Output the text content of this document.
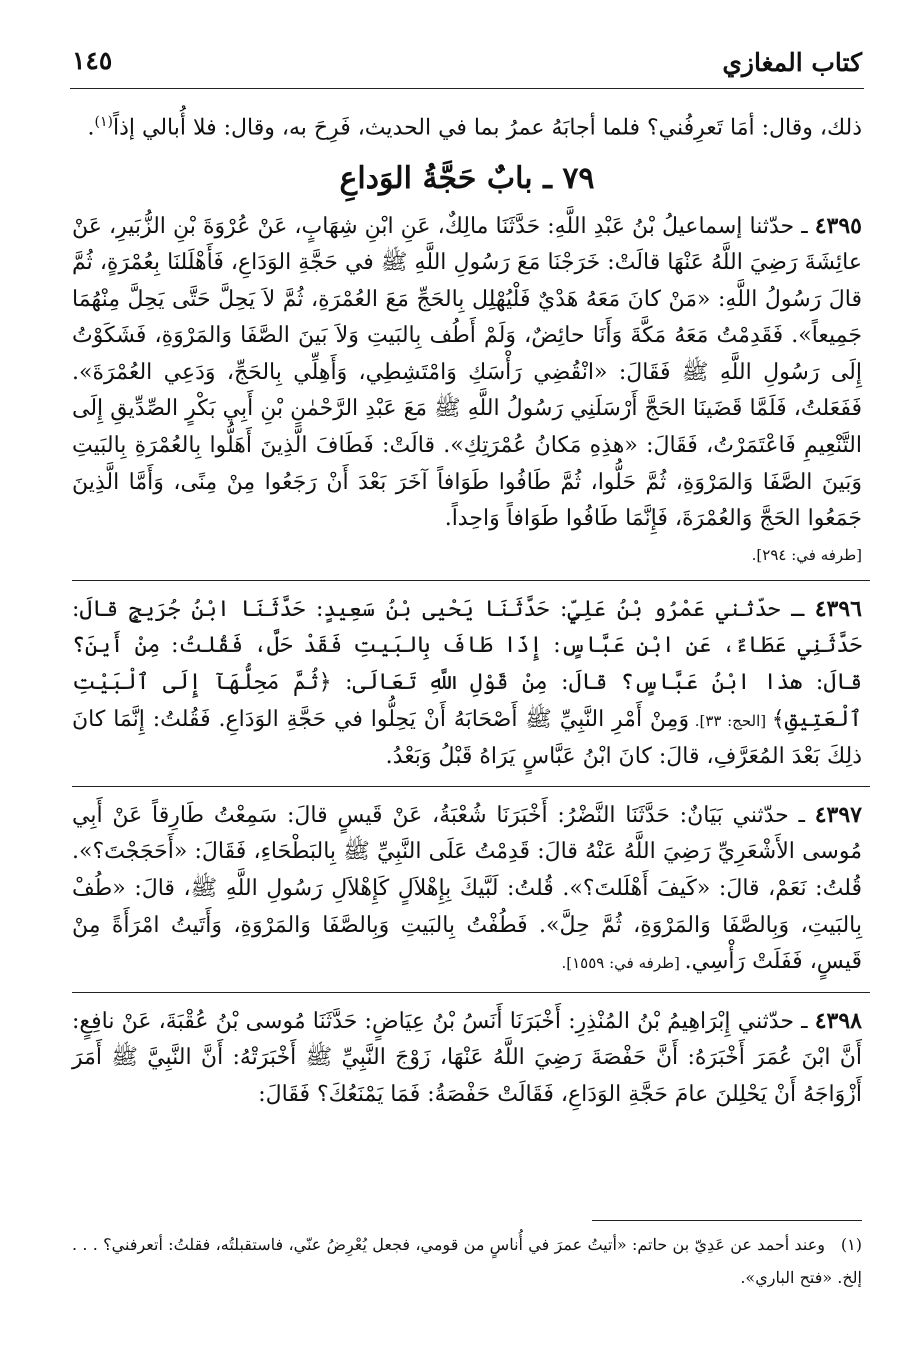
كتاب المغازي
١٤٥

ذلك، وقال: أمَا تَعرِفُني؟ فلما أجابَهُ عمرُ بما في الحديث، فَرِحَ به، وقال: فلا أُبالي إذاً$^{(١)}$.

٧٩ ـ بابٌ حَجَّةُ الوَداعِ

٤٣٩٥ ـ حدّثنا إسماعيلُ بْنُ عَبْدِ اللَّهِ: حَدَّثَنَا مالِكٌ، عَنِ ابْنِ شِهَابٍ، عَنْ عُرْوَةَ بْنِ الزُّبَيرِ، عَنْ عائِشَةَ رَضِيَ اللَّهُ عَنْهَا قالَتْ: خَرَجْنَا مَعَ رَسُولِ اللَّهِ ﷺ في حَجَّةِ الوَدَاعِ، فَأَهْلَلنَا بِعُمْرَةٍ، ثُمَّ قالَ رَسُولُ اللَّهِ: «مَنْ كانَ مَعَهُ هَدْيٌ فَلْيُهْلِل بِالحَجِّ مَعَ العُمْرَةِ، ثُمَّ لاَ يَحِلَّ حَتَّى يَحِلَّ مِنْهُمَا جَمِيعاً». فَقَدِمْتُ مَعَهُ مَكَّةَ وَأَنَا حائِضٌ، وَلَمْ أَطُف بِالبَيتِ وَلاَ بَينَ الصَّفَا وَالمَرْوَةِ، فَشَكَوْتُ إِلَى رَسُولِ اللَّهِ ﷺ فَقَالَ: «انْقُضِي رَأْسَكِ وَامْتَشِطِي، وَأَهِلِّي بِالحَجِّ، وَدَعِي العُمْرَةَ». فَفَعَلتُ، فَلَمَّا قَضَينَا الحَجَّ أَرْسَلَنِي رَسُولُ اللَّهِ ﷺ مَعَ عَبْدِ الرَّحْمٰنِ بْنِ أَبِي بَكْرٍ الصِّدِّيقِ إِلَى التَّنْعِيمِ فَاعْتَمَرْتُ، فَقَالَ: «هذِهِ مَكانُ عُمْرَتِكِ». قالَتْ: فَطَافَ الَّذِينَ أَهَلُّوا بِالعُمْرَةِ بِالبَيتِ وَبَينَ الصَّفَا وَالمَرْوَةِ، ثُمَّ حَلُّوا، ثُمَّ طَافُوا طَوَافاً آخَرَ بَعْدَ أَنْ رَجَعُوا مِنْ مِنًى، وَأَمَّا الَّذِينَ جَمَعُوا الحَجَّ وَالعُمْرَةَ، فَإِنَّمَا طَافُوا طَوَافاً وَاحِداً.

[طرفه في: ٢٩٤].

٤٣٩٦ ـ حدّثني عَمْرُو بْنُ عَلِيٍّ: حَدَّثَنَا يَحْيى بْنُ سَعِيدٍ: حَدَّثَنَا ابْنُ جُرَيجٍ قالَ: حَدَّثَنِي عَطَاءٌ، عَنِ ابْنِ عَبَّاسٍ: إِذَا طَافَ بِالبَيتِ فَقَدْ حَلَّ، فَقُلتُ: مِنْ أَينَ؟ قالَ: هذا ابْنُ عَبَّاسٍ؟ قالَ: مِنْ قَوْلِ اللَّهِ تَعَالَى: ﴿ثُمَّ مَحِلُّهَآ إِلَى ٱلْبَيْتِ ٱلْعَتِيقِ﴾ [الحج: ٣٣]. وَمِنْ أَمْرِ النَّبِيِّ ﷺ أَصْحَابَهُ أَنْ يَحِلُّوا في حَجَّةِ الوَدَاعِ. فَقُلتُ: إِنَّمَا كانَ ذلِكَ بَعْدَ المُعَرَّفِ، قالَ: كانَ ابْنُ عَبَّاسٍ يَرَاهُ قَبْلُ وَبَعْدُ.

٤٣٩٧ ـ حدّثني بَيَانٌ: حَدَّثَنَا النَّضْرُ: أَخْبَرَنَا شُعْبَةُ، عَنْ قَيسٍ قالَ: سَمِعْتُ طَارِقاً عَنْ أَبِي مُوسى الأَشْعَرِيِّ رَضِيَ اللَّهُ عَنْهُ قالَ: قَدِمْتُ عَلَى النَّبِيِّ ﷺ بِالبَطْحَاءِ، فَقَالَ: «أَحَجَجْتَ؟». قُلتُ: نَعَمْ، قالَ: «كَيفَ أَهْلَلتَ؟». قُلتُ: لَبَّيكَ بِإِهْلاَلٍ كَإِهْلاَلِ رَسُولِ اللَّهِ ﷺ، قالَ: «طُفْ بِالبَيتِ، وَبِالصَّفَا وَالمَرْوَةِ، ثُمَّ حِلَّ». فَطُفْتُ بِالبَيتِ وَبِالصَّفَا وَالمَرْوَةِ، وَأَتَيتُ امْرَأَةً مِنْ قَيسٍ، فَفَلَتْ رَأْسِي. [طرفه في: ١٥٥٩].

٤٣٩٨ ـ حدّثني إِبْرَاهِيمُ بْنُ المُنْذِرِ: أَخْبَرَنَا أَنَسُ بْنُ عِيَاضٍ: حَدَّثَنَا مُوسى بْنُ عُقْبَةَ، عَنْ نافِعٍ: أَنَّ ابْنَ عُمَرَ أَخْبَرَهُ: أَنَّ حَفْصَةَ رَضِيَ اللَّهُ عَنْهَا، زَوْجَ النَّبِيِّ ﷺ أَخْبَرَتْهُ: أَنَّ النَّبِيَّ ﷺ أَمَرَ أَزْوَاجَهُ أَنْ يَحْلِلنَ عامَ حَجَّةِ الوَدَاعِ، فَقَالَتْ حَفْصَةُ: فَمَا يَمْنَعُكَ؟ فَقَالَ:

(١)   وعند أحمد عن عَدِيّ بن حاتم: «أتيتُ عمرَ في أُناسٍ من قومي، فجعل يُعْرِضُ عنّي، فاستقبلتُه، فقلتُ: أتعرفني؟ . . . إلخ. «فتح الباري».
